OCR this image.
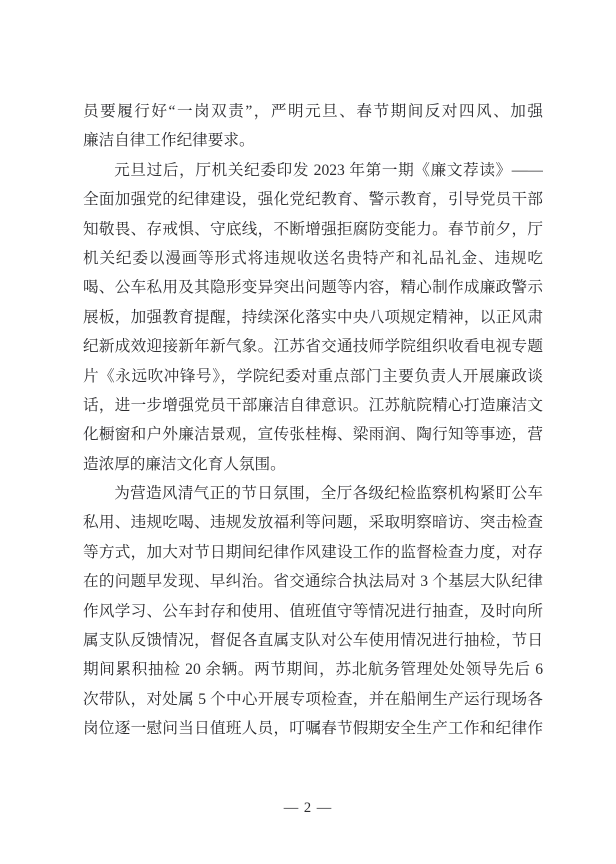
员要履行好“一岗双责”，严明元旦、春节期间反对四风、加强
廉洁自律工作纪律要求。
元旦过后，厅机关纪委印发 2023 年第一期《廉文荐读》——
全面加强党的纪律建设，强化党纪教育、警示教育，引导党员干部
知敬畏、存戒惧、守底线，不断增强拒腐防变能力。春节前夕，厅
机关纪委以漫画等形式将违规收送名贵特产和礼品礼金、违规吃
喝、公车私用及其隐形变异突出问题等内容，精心制作成廉政警示
展板，加强教育提醒，持续深化落实中央八项规定精神，以正风肃
纪新成效迎接新年新气象。江苏省交通技师学院组织收看电视专题
片《永远吹冲锋号》，学院纪委对重点部门主要负责人开展廉政谈
话，进一步增强党员干部廉洁自律意识。江苏航院精心打造廉洁文
化橱窗和户外廉洁景观，宣传张桂梅、梁雨润、陶行知等事迹，营
造浓厚的廉洁文化育人氛围。
为营造风清气正的节日氛围，全厅各级纪检监察机构紧盯公车
私用、违规吃喝、违规发放福利等问题，采取明察暗访、突击检查
等方式，加大对节日期间纪律作风建设工作的监督检查力度，对存
在的问题早发现、早纠治。省交通综合执法局对 3 个基层大队纪律
作风学习、公车封存和使用、值班值守等情况进行抽查，及时向所
属支队反馈情况，督促各直属支队对公车使用情况进行抽检，节日
期间累积抽检 20 余辆。两节期间，苏北航务管理处处领导先后 6
次带队，对处属 5 个中心开展专项检查，并在船闸生产运行现场各
岗位逐一慰问当日值班人员，叮嘱春节假期安全生产工作和纪律作
— 2 —
